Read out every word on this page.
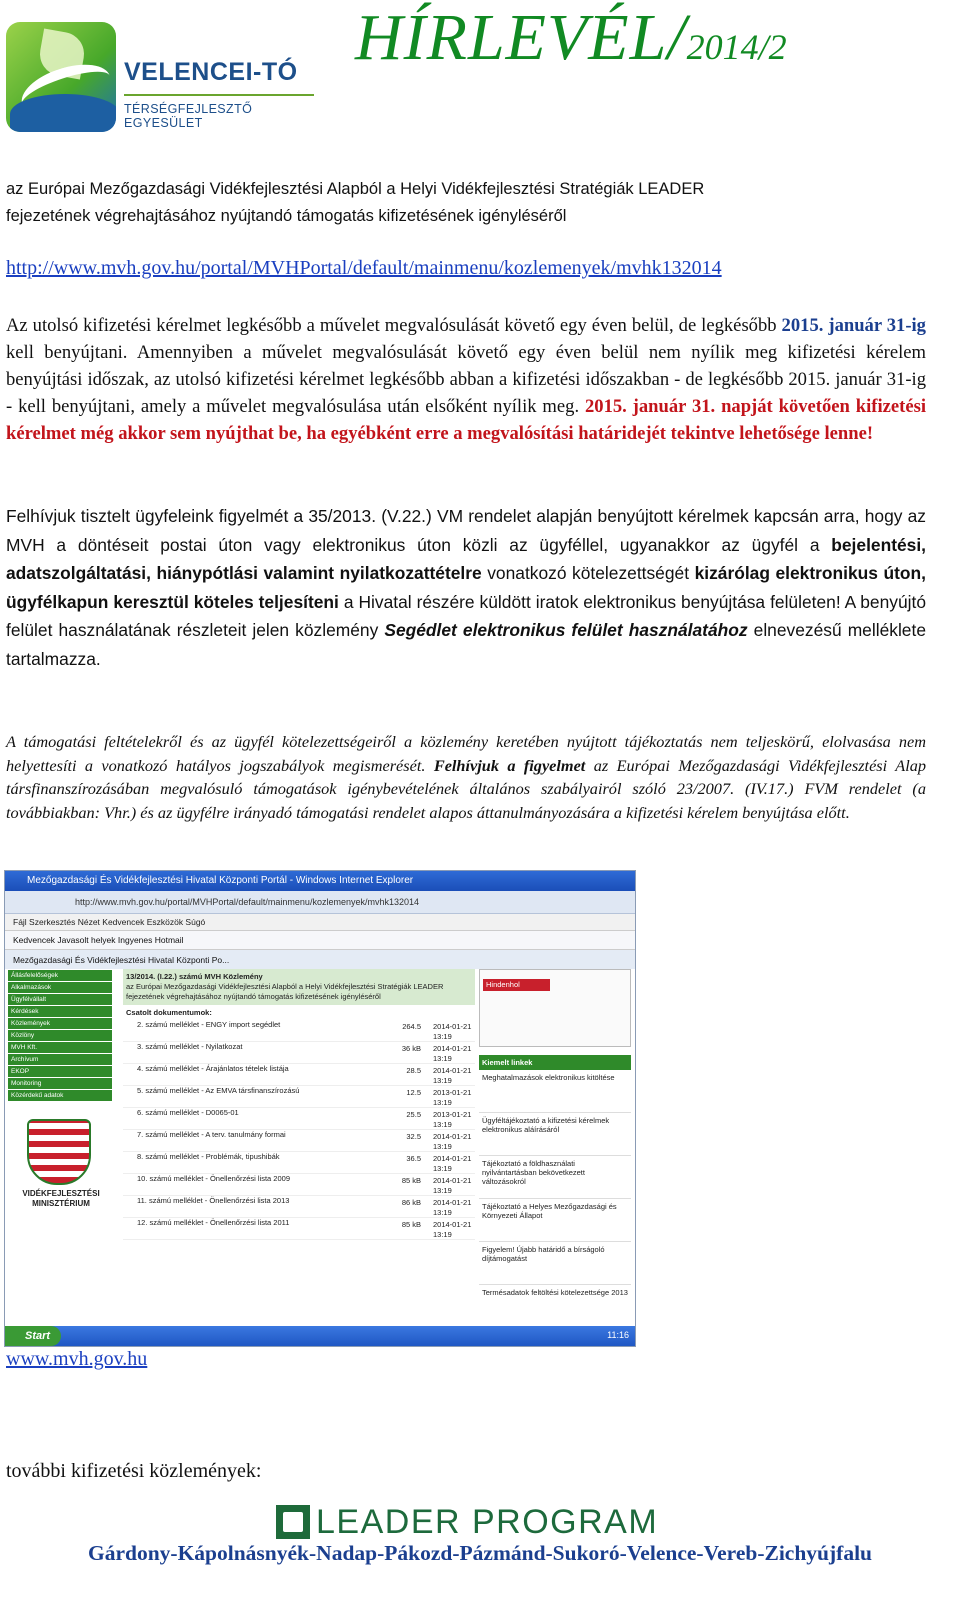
VELENCEI-TÓ
TÉRSÉGFEJLESZTŐ EGYESÜLET
HÍRLEVÉL/2014/2
az Európai Mezőgazdasági Vidékfejlesztési Alapból a Helyi Vidékfejlesztési Stratégiák LEADER
fejezetének végrehajtásához nyújtandó támogatás kifizetésének igényléséről
http://www.mvh.gov.hu/portal/MVHPortal/default/mainmenu/kozlemenyek/mvhk132014
Az utolsó kifizetési kérelmet legkésőbb a művelet megvalósulását követő egy éven belül, de legkésőbb 2015. január 31-ig kell benyújtani. Amennyiben a művelet megvalósulását követő egy éven belül nem nyílik meg kifizetési kérelem benyújtási időszak, az utolsó kifizetési kérelmet legkésőbb abban a kifizetési időszakban - de legkésőbb 2015. január 31-ig - kell benyújtani, amely a művelet megvalósulása után elsőként nyílik meg. 2015. január 31. napját követően kifizetési kérelmet még akkor sem nyújthat be, ha egyébként erre a megvalósítási határidejét tekintve lehetősége lenne!
Felhívjuk tisztelt ügyfeleink figyelmét a 35/2013. (V.22.) VM rendelet alapján benyújtott kérelmek kapcsán arra, hogy az MVH a döntéseit postai úton vagy elektronikus úton közli az ügyféllel, ugyanakkor az ügyfél a bejelentési, adatszolgáltatási, hiánypótlási valamint nyilatkozattételre vonatkozó kötelezettségét kizárólag elektronikus úton, ügyfélkapun keresztül köteles teljesíteni a Hivatal részére küldött iratok elektronikus benyújtása felületen! A benyújtó felület használatának részleteit jelen közlemény Segédlet elektronikus felület használatához elnevezésű melléklete tartalmazza.
A támogatási feltételekről és az ügyfél kötelezettségeiről a közlemény keretében nyújtott tájékoztatás nem teljeskörű, elolvasása nem helyettesíti a vonatkozó hatályos jogszabályok megismerését. Felhívjuk a figyelmet az Európai Mezőgazdasági Vidékfejlesztési Alap társfinanszírozásában megvalósuló támogatások igénybevételének általános szabályairól szóló 23/2007. (IV.17.) FVM rendelet (a továbbiakban: Vhr.) és az ügyfélre irányadó támogatási rendelet alapos áttanulmányozására a kifizetési kérelem benyújtása előtt.
Mezőgazdasági És Vidékfejlesztési Hivatal Központi Portál - Windows Internet Explorer
http://www.mvh.gov.hu/portal/MVHPortal/default/mainmenu/kozlemenyek/mvhk132014
Fájl Szerkesztés Nézet Kedvencek Eszközök Súgó
Kedvencek Javasolt helyek Ingyenes Hotmail
Mezőgazdasági És Vidékfejlesztési Hivatal Központi Po...
Állásfelelőségek
Alkalmazások
Ügyfélvállalt
Kérdések
Közlemények
Közlöny
MVH Kft.
Archívum
EKOP
Monitoring
Közérdekű adatok
VIDÉKFEJLESZTÉSI MINISZTÉRIUM
13/2014. (I.22.) számú MVH Közlemény
az Európai Mezőgazdasági Vidékfejlesztési Alapból a Helyi Vidékfejlesztési Stratégiák LEADER fejezetének végrehajtásához nyújtandó támogatás kifizetésének igényléséről
Csatolt dokumentumok:
2. számú melléklet - ENGY import segédlet	264.5 2014-01-21 13:19
3. számú melléklet - Nyilatkozat	36 kB 2014-01-21 13:19
4. számú melléklet - Árajánlatos tételek listája	28.5 2014-01-21 13:19
5. számú melléklet - Az EMVA társfinanszírozású	12.5 2013-01-21 13:19
6. számú melléklet - D0065-01	25.5 2013-01-21 13:19
7. számú melléklet - A terv. tanulmány formai	32.5 2014-01-21 13:19
8. számú melléklet - Problémák, tipushibák	36.5 2014-01-21 13:19
10. számú melléklet - Önellenőrzési lista 2009	85 kB 2014-01-21 13:19
11. számú melléklet - Önellenőrzési lista 2013	86 kB 2014-01-21 13:19
12. számú melléklet - Önellenőrzési lista 2011	85 kB 2014-01-21 13:19
Hindenhol
Kiemelt linkek
Meghatalmazások elektronikus kitöltése
Ügyféltájékoztató a kifizetési kérelmek elektronikus aláírásáról
Tájékoztató a földhasználati nyilvántartásban bekövetkezett változásokról
Tájékoztató a Helyes Mezőgazdasági és Környezeti Állapot
Figyelem! Újabb határidő a bírságoló díjtámogatást
Termésadatok feltöltési kötelezettsége 2013
Start	11:16
www.mvh.gov.hu
további kifizetési közlemények:
LEADER PROGRAM
Gárdony-Kápolnásnyék-Nadap-Pákozd-Pázmánd-Sukoró-Velence-Vereb-Zichyújfalu
